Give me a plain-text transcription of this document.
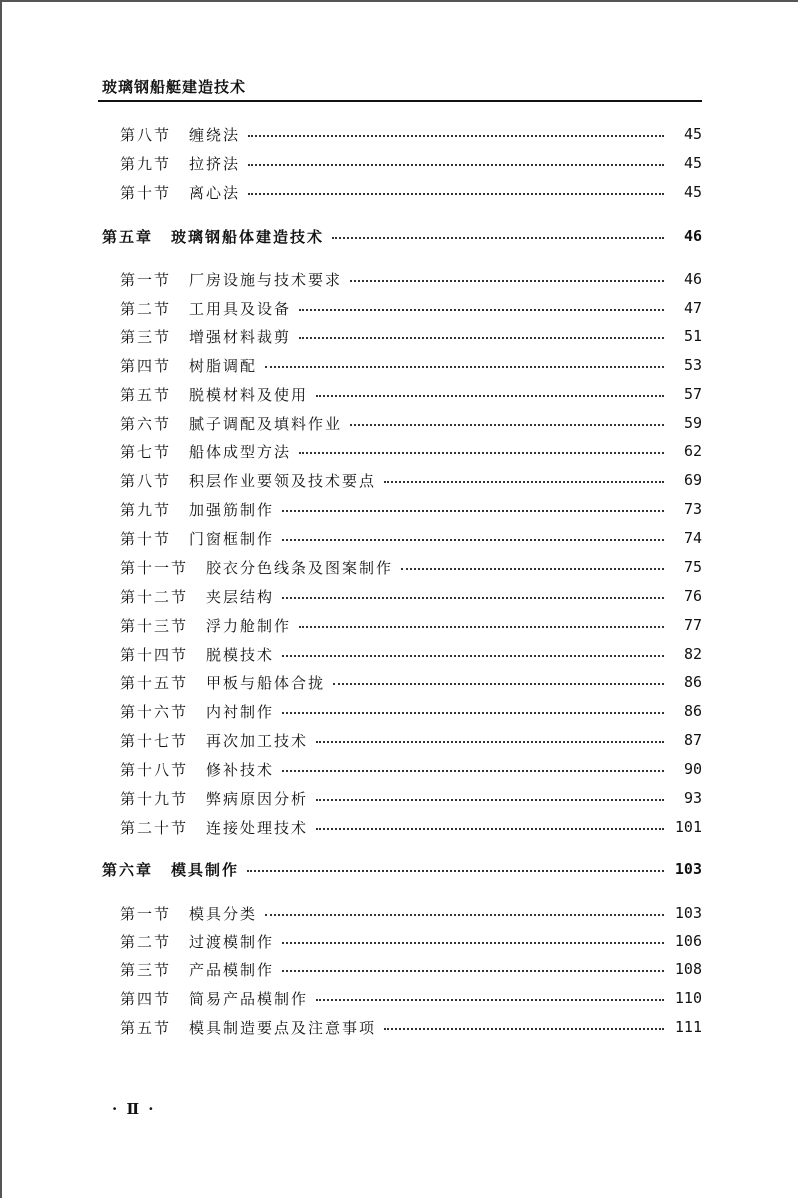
玻璃钢船艇建造技术
第八节 缠绕法	45
第九节 拉挤法	45
第十节 离心法	45
第五章 玻璃钢船体建造技术	46
第一节 厂房设施与技术要求	46
第二节 工用具及设备	47
第三节 增强材料裁剪	51
第四节 树脂调配	53
第五节 脱模材料及使用	57
第六节 腻子调配及填料作业	59
第七节 船体成型方法	62
第八节 积层作业要领及技术要点	69
第九节 加强筋制作	73
第十节 门窗框制作	74
第十一节 胶衣分色线条及图案制作	75
第十二节 夹层结构	76
第十三节 浮力舱制作	77
第十四节 脱模技术	82
第十五节 甲板与船体合拢	86
第十六节 内衬制作	86
第十七节 再次加工技术	87
第十八节 修补技术	90
第十九节 弊病原因分析	93
第二十节 连接处理技术	101
第六章 模具制作	103
第一节 模具分类	103
第二节 过渡模制作	106
第三节 产品模制作	108
第四节 简易产品模制作	110
第五节 模具制造要点及注意事项	111
· Ⅱ ·
